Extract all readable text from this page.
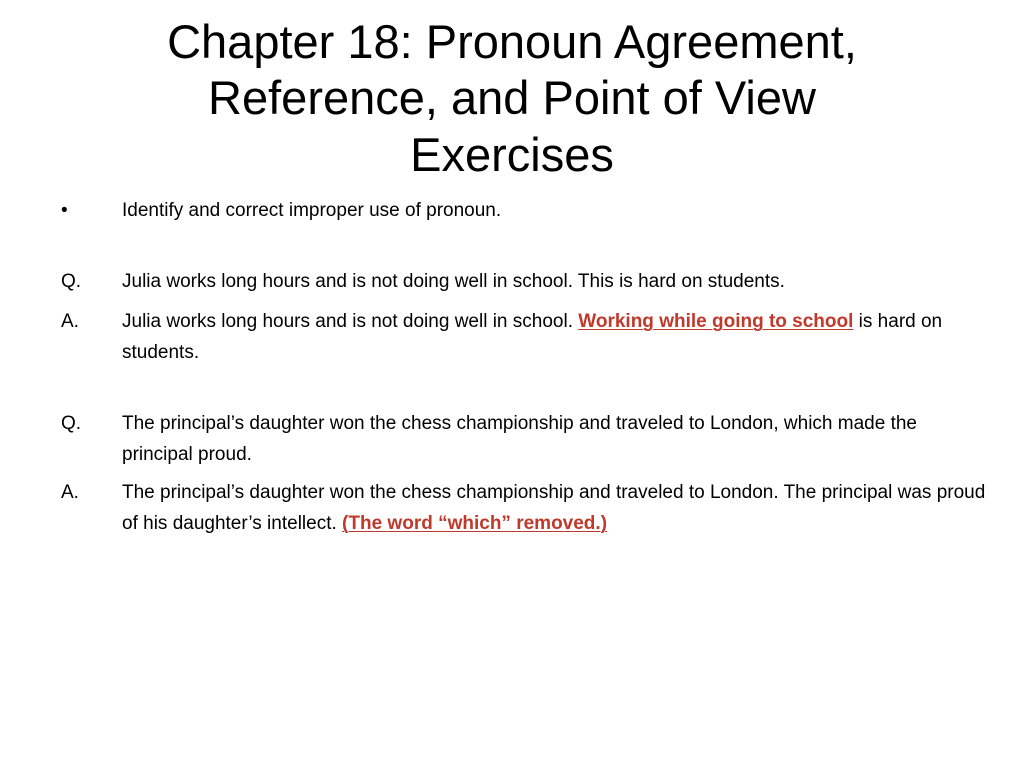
Chapter 18: Pronoun Agreement,
Reference, and Point of View
Exercises
•	Identify and correct improper use of pronoun.
Q.	Julia works long hours and is not doing well in school. This is hard on students.
A.	Julia works long hours and is not doing well in school. Working while going to school is hard on students.
Q.	The principal’s daughter won the chess championship and traveled to London, which made the principal proud.
A.	The principal’s daughter won the chess championship and traveled to London. The principal was proud of his daughter’s intellect. (The word “which” removed.)
